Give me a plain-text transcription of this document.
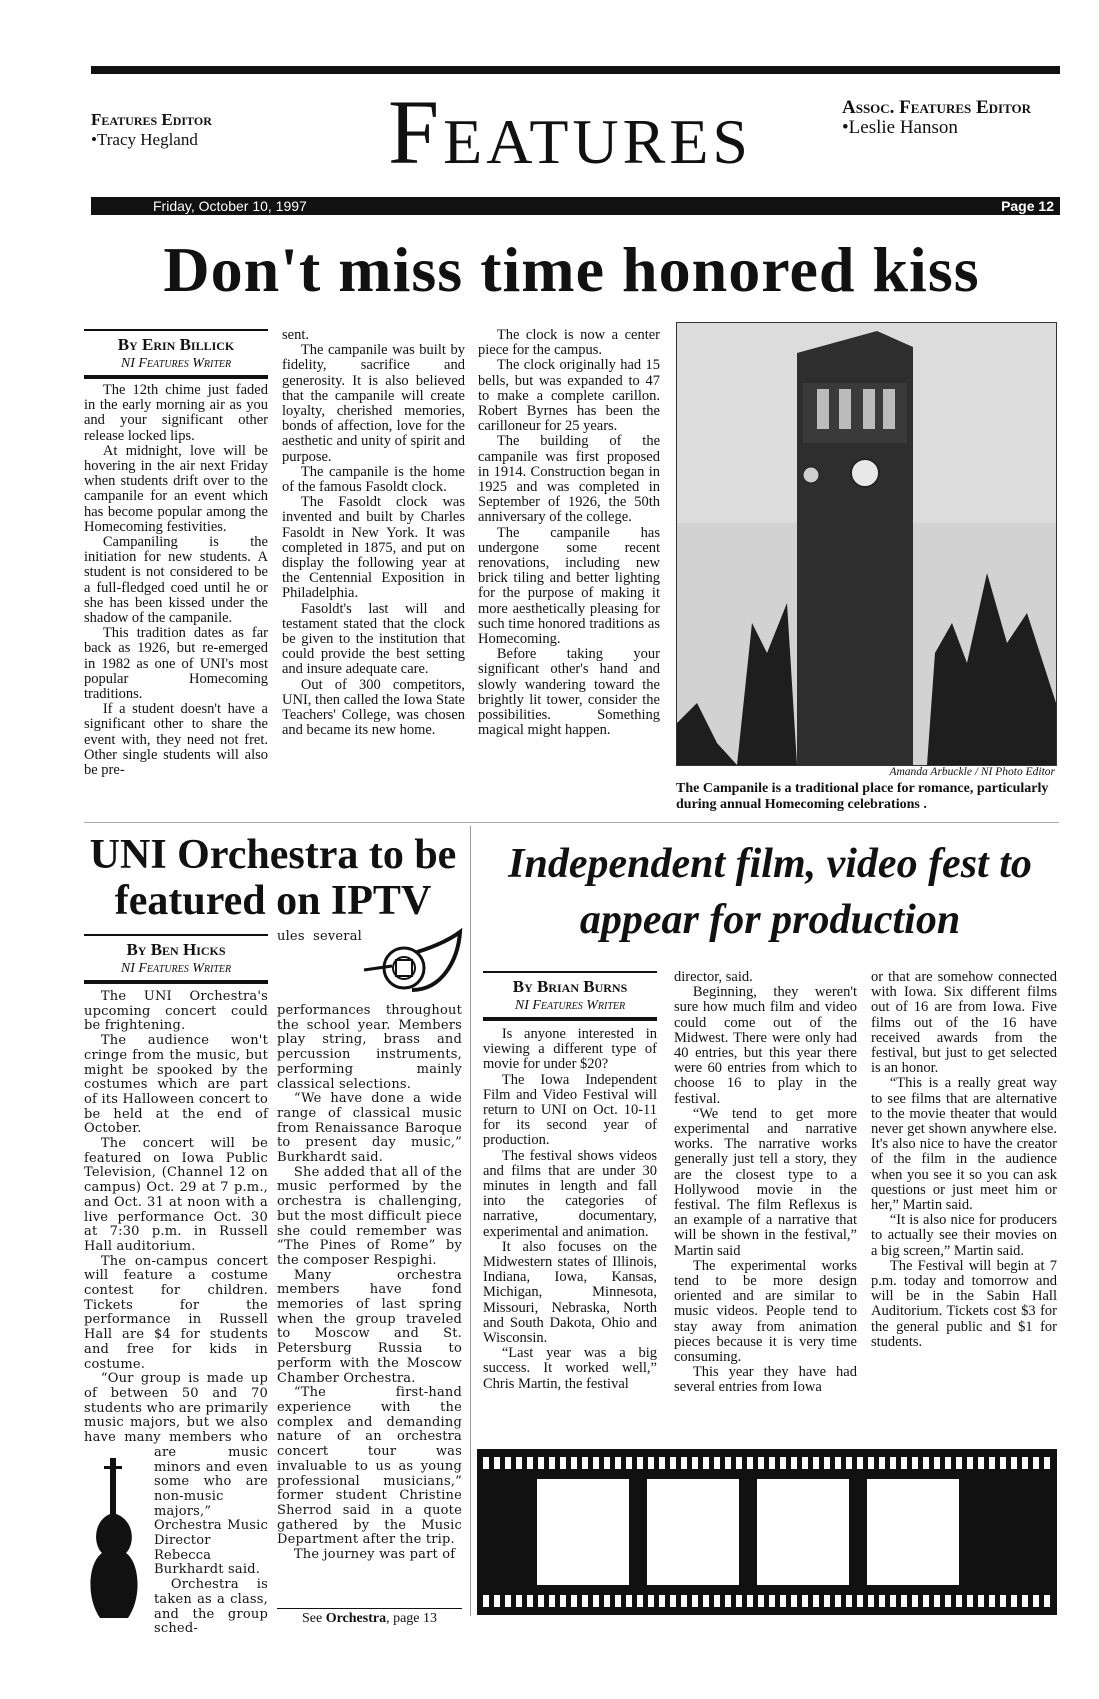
Features Editor
•Tracy Hegland	Features	Assoc. Features Editor
•Leslie Hanson
Friday, October 10, 1997	Page 12
Don't miss time honored kiss
By Erin Billick
NI Features Writer

The 12th chime just faded in the early morning air as you and your significant other release locked lips.

At midnight, love will be hovering in the air next Friday when students drift over to the campanile for an event which has become popular among the Homecoming festivities.

Campaniling is the initiation for new students. A student is not considered to be a full-fledged coed until he or she has been kissed under the shadow of the campanile.

This tradition dates as far back as 1926, but re-emerged in 1982 as one of UNI's most popular Homecoming traditions.

If a student doesn't have a significant other to share the event with, they need not fret. Other single students will also be pre-

sent.

The campanile was built by fidelity, sacrifice and generosity. It is also believed that the campanile will create loyalty, cherished memories, bonds of affection, love for the aesthetic and unity of spirit and purpose.

The campanile is the home of the famous Fasoldt clock.

The Fasoldt clock was invented and built by Charles Fasoldt in New York. It was completed in 1875, and put on display the following year at the Centennial Exposition in Philadelphia.

Fasoldt's last will and testament stated that the clock be given to the institution that could provide the best setting and insure adequate care.

Out of 300 competitors, UNI, then called the Iowa State Teachers' College, was chosen and became its new home.

The clock is now a center piece for the campus.

The clock originally had 15 bells, but was expanded to 47 to make a complete carillon. Robert Byrnes has been the carilloneur for 25 years.

The building of the campanile was first proposed in 1914. Construction began in 1925 and was completed in September of 1926, the 50th anniversary of the college.

The campanile has undergone some recent renovations, including new brick tiling and better lighting for the purpose of making it more aesthetically pleasing for such time honored traditions as Homecoming.

Before taking your significant other's hand and slowly wandering toward the brightly lit tower, consider the possibilities. Something magical might happen.

Amanda Arbuckle / NI Photo Editor
The Campanile is a traditional place for romance, particularly during annual Homecoming celebrations .
UNI Orchestra to be featured on IPTV
By Ben Hicks
NI Features Writer

The UNI Orchestra's upcoming concert could be frightening.

The audience won't cringe from the music, but might be spooked by the costumes which are part of its Halloween concert to be held at the end of October.

The concert will be featured on Iowa Public Television, (Channel 12 on campus) Oct. 29 at 7 p.m., and Oct. 31 at noon with a live performance Oct. 30 at 7:30 p.m. in Russell Hall auditorium.

The on-campus concert will feature a costume contest for children. Tickets for the performance in Russell Hall are $4 for students and free for kids in costume.

“Our group is made up of between 50 and 70 students who are primarily music majors, but we also have many members who are music minors and even some who are non-music majors,” Orchestra Music Director Rebecca Burkhardt said.

Orchestra is taken as a class, and the group sched-

ules several performances throughout the school year. Members play string, brass and percussion instruments, performing mainly classical selections.

“We have done a wide range of classical music from Renaissance Baroque to present day music,” Burkhardt said.

She added that all of the music performed by the orchestra is challenging, but the most difficult piece she could remember was “The Pines of Rome” by the composer Respighi.

Many orchestra members have fond memories of last spring when the group traveled to Moscow and St. Petersburg Russia to perform with the Moscow Chamber Orchestra.

“The first-hand experience with the complex and demanding nature of an orchestra concert tour was invaluable to us as young professional musicians,” former student Christine Sherrod said in a quote gathered by the Music Department after the trip.

The journey was part of

See Orchestra, page 13
Independent film, video fest to appear for production
By Brian Burns
NI Features Writer

Is anyone interested in viewing a different type of movie for under $20?

The Iowa Independent Film and Video Festival will return to UNI on Oct. 10-11 for its second year of production.

The festival shows videos and films that are under 30 minutes in length and fall into the categories of narrative, documentary, experimental and animation.

It also focuses on the Midwestern states of Illinois, Indiana, Iowa, Kansas, Michigan, Minnesota, Missouri, Nebraska, North and South Dakota, Ohio and Wisconsin.

“Last year was a big success. It worked well,” Chris Martin, the festival

director, said.

Beginning, they weren't sure how much film and video could come out of the Midwest. There were only had 40 entries, but this year there were 60 entries from which to choose 16 to play in the festival.

“We tend to get more experimental and narrative works. The narrative works generally just tell a story, they are the closest type to a Hollywood movie in the festival. The film Reflexus is an example of a narrative that will be shown in the festival,” Martin said

The experimental works tend to be more design oriented and are similar to music videos. People tend to stay away from animation pieces because it is very time consuming.

This year they have had several entries from Iowa

or that are somehow connected with Iowa. Six different films out of 16 are from Iowa. Five films out of the 16 have received awards from the festival, but just to get selected is an honor.

“This is a really great way to see films that are alternative to the movie theater that would never get shown anywhere else. It's also nice to have the creator of the film in the audience when you see it so you can ask questions or just meet him or her,” Martin said.

“It is also nice for producers to actually see their movies on a big screen,” Martin said.

The Festival will begin at 7 p.m. today and tomorrow and will be in the Sabin Hall Auditorium. Tickets cost $3 for the general public and $1 for students.
